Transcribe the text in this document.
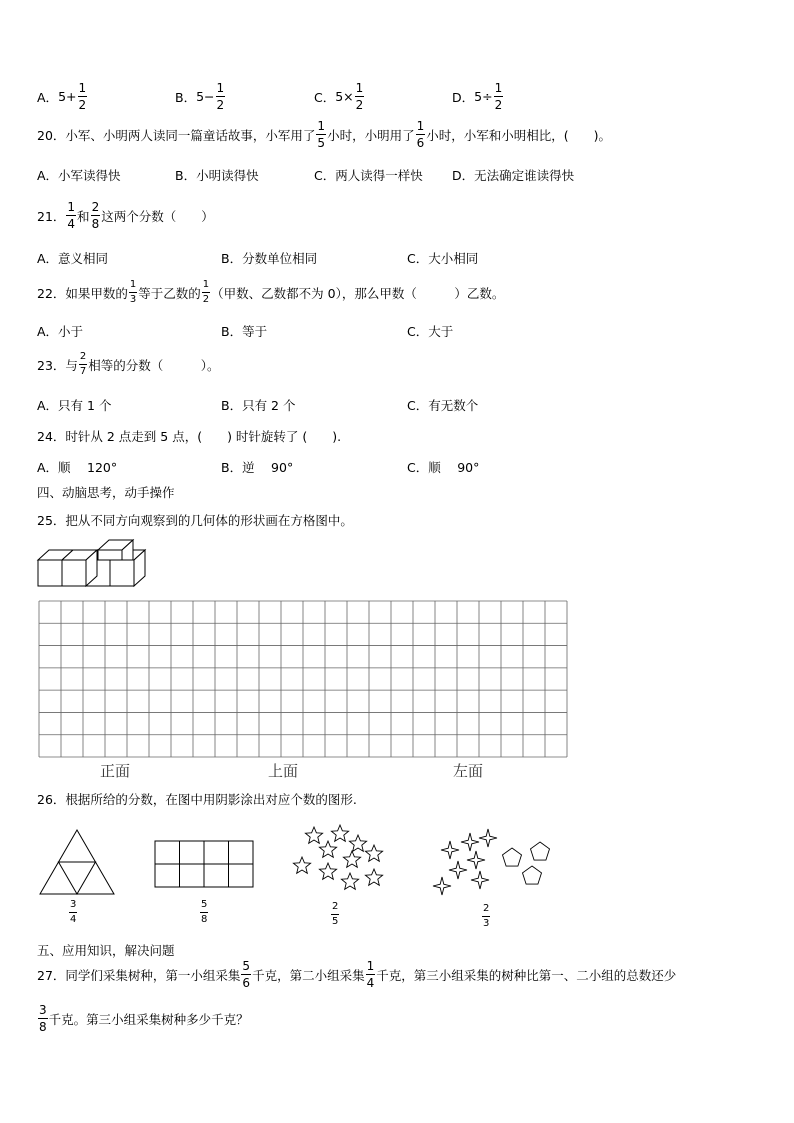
A． $5+ \frac{1}{2}$	B． $5- \frac{1}{2}$	C． $5\times \frac{1}{2}$	D． $5\div \frac{1}{2}$
20．小军、小明两人读同一篇童话故事，小军用了 $\frac{1}{5}$ 小时，小明用了 $\frac{1}{6}$ 小时，小军和小明相比，(　　)。
A．小军读得快	B．小明读得快	C．两人读得一样快 D．无法确定谁读得快
21． $\frac{1}{4}$ 和 $\frac{2}{8}$ 这两个分数（　　）
A．意义相同	B．分数单位相同	C．大小相同
22．如果甲数的 $\frac{1}{3}$ 等于乙数的 $\frac{1}{2}$ （甲数、乙数都不为 0），那么甲数（　　　）乙数。
A．小于	B．等于	C．大于
23．与 $\frac{2}{7}$ 相等的分数（　　　）。
A．只有 1 个	B．只有 2 个	C．有无数个
24．时针从 2 点走到 5 点，(　　) 时针旋转了 (　　).
A．顺　 120°	B．逆　 90°	C．顺　 90°
四、动脑思考，动手操作
25．把从不同方向观察到的几何体的形状画在方格图中。
正面	上面	左面
26．根据所给的分数，在图中用阴影涂出对应个数的图形.
$\frac{3}{4}$	$\frac{5}{8}$	$\frac{2}{5}$	$\frac{2}{3}$
五、应用知识，解决问题
27．同学们采集树种，第一小组采集 $\frac{5}{6}$ 千克，第二小组采集 $\frac{1}{4}$ 千克，第三小组采集的树种比第一、二小组的总数还少
$\frac{3}{8}$ 千克。第三小组采集树种多少千克？
